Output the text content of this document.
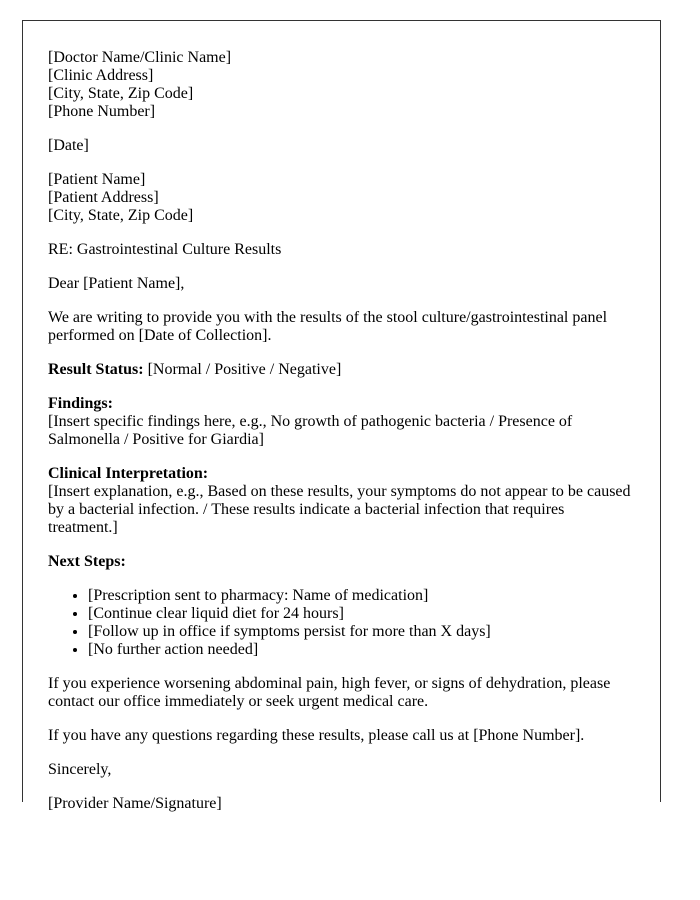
[Doctor Name/Clinic Name]
[Clinic Address]
[City, State, Zip Code]
[Phone Number]

[Date]

[Patient Name]
[Patient Address]
[City, State, Zip Code]

RE: Gastrointestinal Culture Results

Dear [Patient Name],

We are writing to provide you with the results of the stool culture/gastrointestinal panel performed on [Date of Collection].

Result Status: [Normal / Positive / Negative]

Findings:
[Insert specific findings here, e.g., No growth of pathogenic bacteria / Presence of Salmonella / Positive for Giardia]

Clinical Interpretation:
[Insert explanation, e.g., Based on these results, your symptoms do not appear to be caused by a bacterial infection. / These results indicate a bacterial infection that requires treatment.]

Next Steps:

• [Prescription sent to pharmacy: Name of medication]
• [Continue clear liquid diet for 24 hours]
• [Follow up in office if symptoms persist for more than X days]
• [No further action needed]

If you experience worsening abdominal pain, high fever, or signs of dehydration, please contact our office immediately or seek urgent medical care.

If you have any questions regarding these results, please call us at [Phone Number].

Sincerely,

[Provider Name/Signature]
